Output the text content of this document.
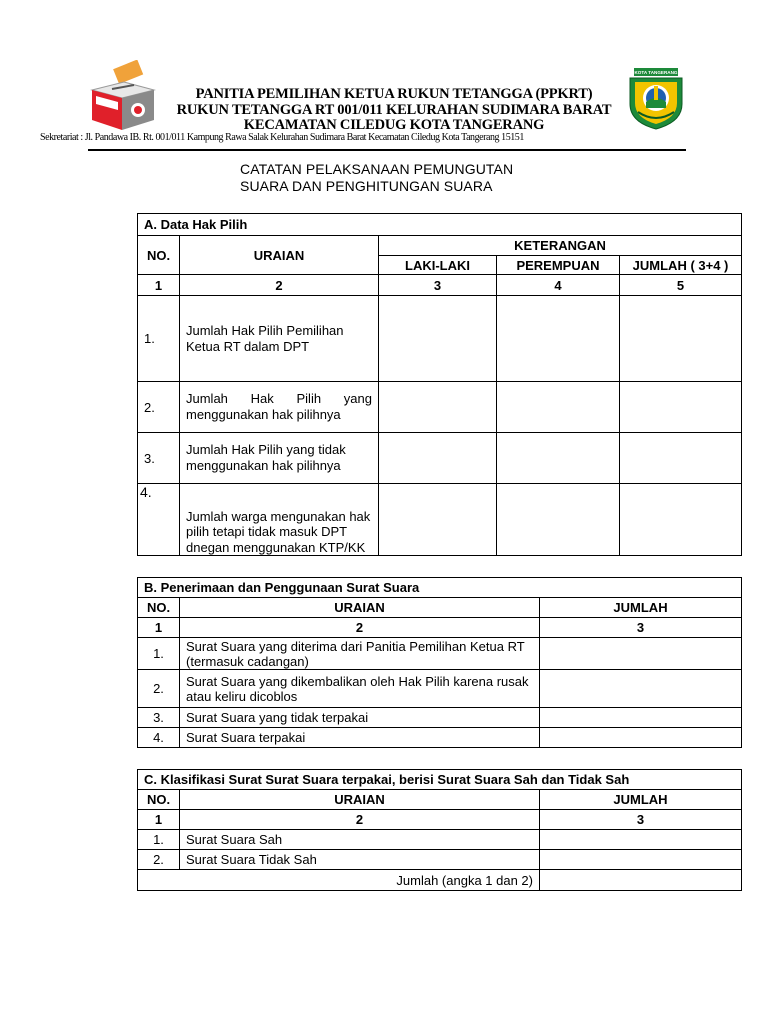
PANITIA PEMILIHAN KETUA RUKUN TETANGGA (PPKRT)
RUKUN TETANGGA RT 001/011 KELURAHAN SUDIMARA BARAT
KECAMATAN CILEDUG KOTA TANGERANG
KOTA TANGERANG
Sekretariat : Jl. Pandawa IB. Rt. 001/011 Kampung Rawa Salak Kelurahan Sudimara Barat Kecamatan Ciledug Kota Tangerang 15151
CATATAN PELAKSANAAN PEMUNGUTAN
SUARA DAN PENGHITUNGAN SUARA
A. Data Hak Pilih				
NO.	URAIAN	KETERANGAN		
		LAKI-LAKI	PEREMPUAN	JUMLAH ( 3+4 )
1	2	3	4	5
1.	Jumlah Hak Pilih Pemilihan Ketua RT dalam DPT			
2.	Jumlah Hak Pilih yang menggunakan hak pilihnya			
3.	Jumlah Hak Pilih yang tidak menggunakan hak pilihnya			
4.	Jumlah warga mengunakan hak pilih tetapi tidak masuk DPT dnegan menggunakan KTP/KK			
B. Penerimaan dan Penggunaan Surat Suara		
NO.	URAIAN	JUMLAH
1	2	3
1.	Surat Suara yang diterima dari Panitia Pemilihan Ketua RT (termasuk cadangan)	
2.	Surat Suara yang dikembalikan oleh Hak Pilih karena rusak atau keliru dicoblos	
3.	Surat Suara yang tidak terpakai	
4.	Surat Suara terpakai	
C. Klasifikasi Surat Surat Suara terpakai, berisi Surat Suara Sah dan Tidak Sah		
NO.	URAIAN	JUMLAH
1	2	3
1.	Surat Suara Sah	
2.	Surat Suara Tidak Sah	
Jumlah (angka 1 dan 2)		
